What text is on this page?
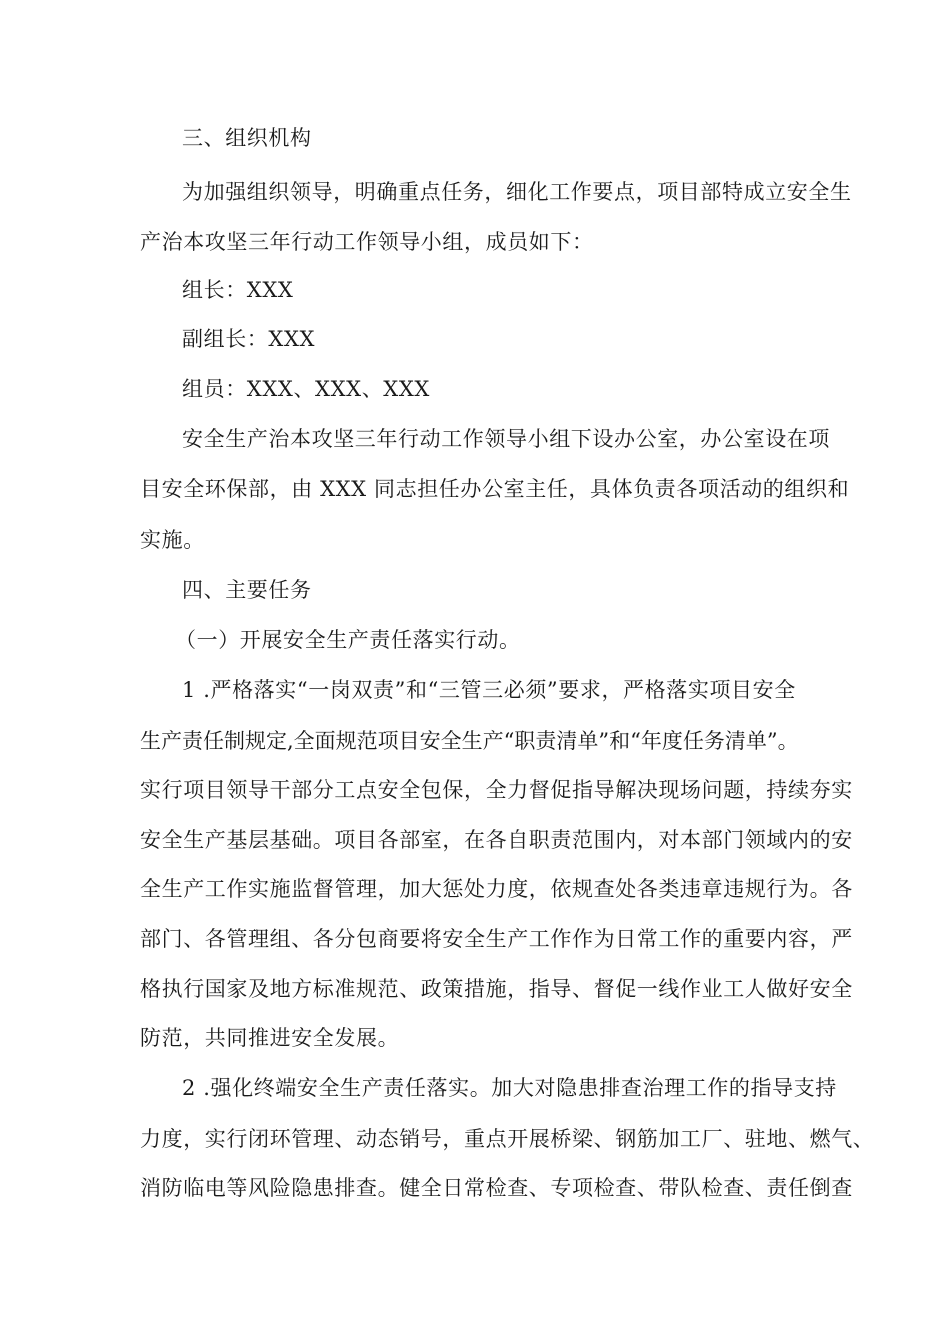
三、组织机构
为加强组织领导，明确重点任务，细化工作要点，项目部特成立安全生
产治本攻坚三年行动工作领导小组，成员如下：
组长：XXX
副组长：XXX
组员：XXX、XXX、XXX
安全生产治本攻坚三年行动工作领导小组下设办公室，办公室设在项
目安全环保部，由 XXX 同志担任办公室主任，具体负责各项活动的组织和
实施。
四、主要任务
（一）开展安全生产责任落实行动。
1 .严格落实“一岗双责”和“三管三必须”要求，严格落实项目安全
生产责任制规定,全面规范项目安全生产“职责清单”和“年度任务清单”。
实行项目领导干部分工点安全包保，全力督促指导解决现场问题，持续夯实
安全生产基层基础。项目各部室，在各自职责范围内，对本部门领域内的安
全生产工作实施监督管理，加大惩处力度，依规查处各类违章违规行为。各
部门、各管理组、各分包商要将安全生产工作作为日常工作的重要内容，严
格执行国家及地方标准规范、政策措施，指导、督促一线作业工人做好安全
防范，共同推进安全发展。
2 .强化终端安全生产责任落实。加大对隐患排查治理工作的指导支持
力度，实行闭环管理、动态销号，重点开展桥梁、钢筋加工厂、驻地、燃气、
消防临电等风险隐患排查。健全日常检查、专项检查、带队检查、责任倒查
